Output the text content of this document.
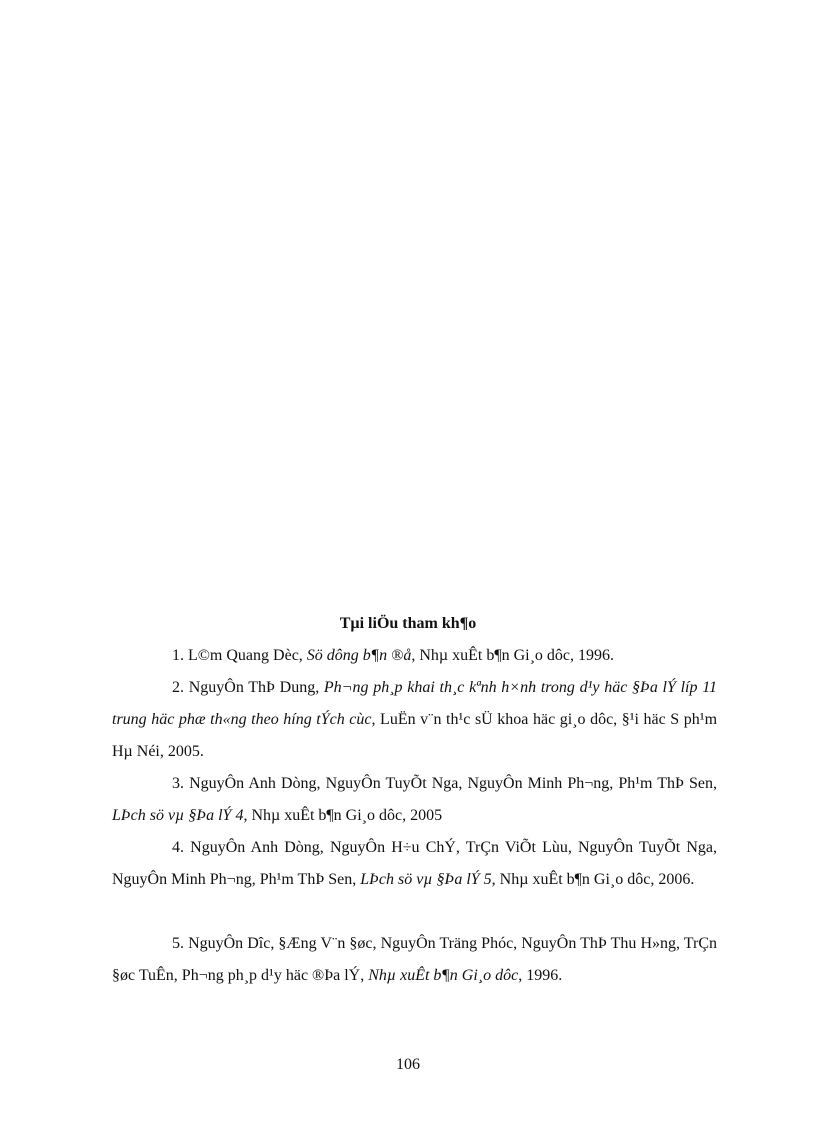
Tµi liÖu tham kh¶o
1. L©m Quang Dèc, Sö dông b¶n ®å, Nhµ xuÊt b¶n Gi¸o dôc, 1996.
2. NguyÔn ThÞ Dung, Ph¬ng ph¸p khai th¸c kªnh h×nh trong d¹y häc §Þa lÝ líp 11 trung häc phæ th«ng theo híng tÝch cùc, LuËn v¨n th¹c sÜ khoa häc gi¸o dôc, §¹i häc S ph¹m Hµ Néi, 2005.
3. NguyÔn Anh Dòng, NguyÔn TuyÕt Nga, NguyÔn Minh Ph¬ng, Ph¹m ThÞ Sen, LÞch sö vµ §Þa lÝ 4, Nhµ xuÊt b¶n Gi¸o dôc, 2005
4. NguyÔn Anh Dòng, NguyÔn H÷u ChÝ, TrÇn ViÕt Lùu, NguyÔn TuyÕt Nga, NguyÔn Minh Ph¬ng, Ph¹m ThÞ Sen, LÞch sö vµ §Þa lÝ 5, Nhµ xuÊt b¶n Gi¸o dôc, 2006.
5. NguyÔn Dîc, §Æng V¨n §øc, NguyÔn Träng Phóc, NguyÔn ThÞ Thu H»ng, TrÇn §øc TuÊn, Ph¬ng ph¸p d¹y häc ®Þa lÝ, Nhµ xuÊt b¶n Gi¸o dôc, 1996.
106
